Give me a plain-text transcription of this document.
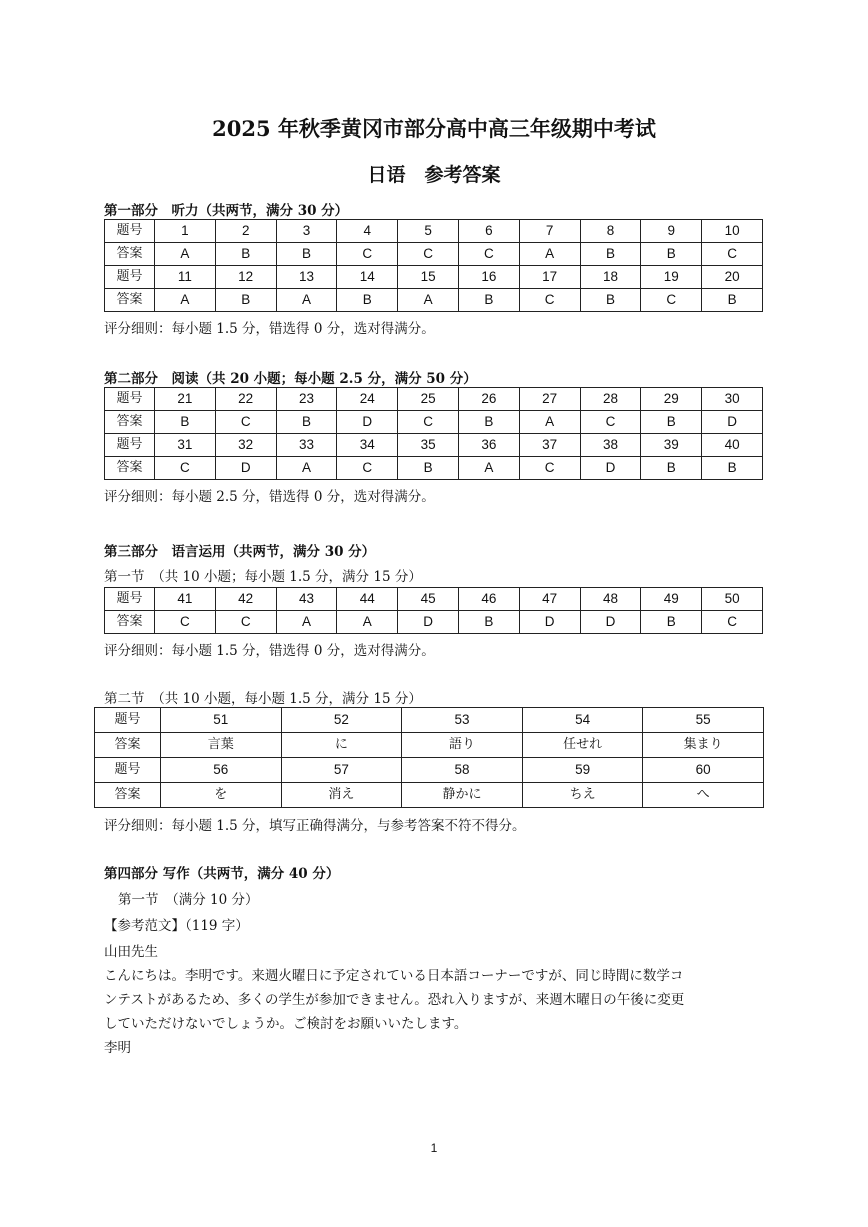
2025 年秋季黄冈市部分高中高三年级期中考试
日语　参考答案
第一部分　听力（共两节，满分 30 分）
题号	1	2	3	4	5	6	7	8	9	10
答案	A	B	B	C	C	C	A	B	B	C
题号	11	12	13	14	15	16	17	18	19	20
答案	A	B	A	B	A	B	C	B	C	B
评分细则：每小题 1.5 分，错选得 0 分，选对得满分。
第二部分　阅读（共 20 小题；每小题 2.5 分，满分 50 分）
题号	21	22	23	24	25	26	27	28	29	30
答案	B	C	B	D	C	B	A	C	B	D
题号	31	32	33	34	35	36	37	38	39	40
答案	C	D	A	C	B	A	C	D	B	B
评分细则：每小题 2.5 分，错选得 0 分，选对得满分。
第三部分　语言运用（共两节，满分 30 分）
第一节　（共 10 小题；每小题 1.5 分，满分 15 分）
题号	41	42	43	44	45	46	47	48	49	50
答案	C	C	A	A	D	B	D	D	B	C
评分细则：每小题 1.5 分，错选得 0 分，选对得满分。
第二节　（共 10 小题，每小题 1.5 分，满分 15 分）
题号	51	52	53	54	55
答案	言葉	に	語り	任せれ	集まり
题号	56	57	58	59	60
答案	を	消え	静かに	ちえ	へ
评分细则：每小题 1.5 分，填写正确得满分，与参考答案不符不得分。
第四部分 写作（共两节，满分 40 分）
第一节　（满分 10 分）
【参考范文】（119 字）
山田先生
こんにちは。李明です。来週火曜日に予定されている日本語コーナーですが、同じ時間に数学コ
ンテストがあるため、多くの学生が参加できません。恐れ入りますが、来週木曜日の午後に変更
していただけないでしょうか。ご検討をお願いいたします。
李明
1
